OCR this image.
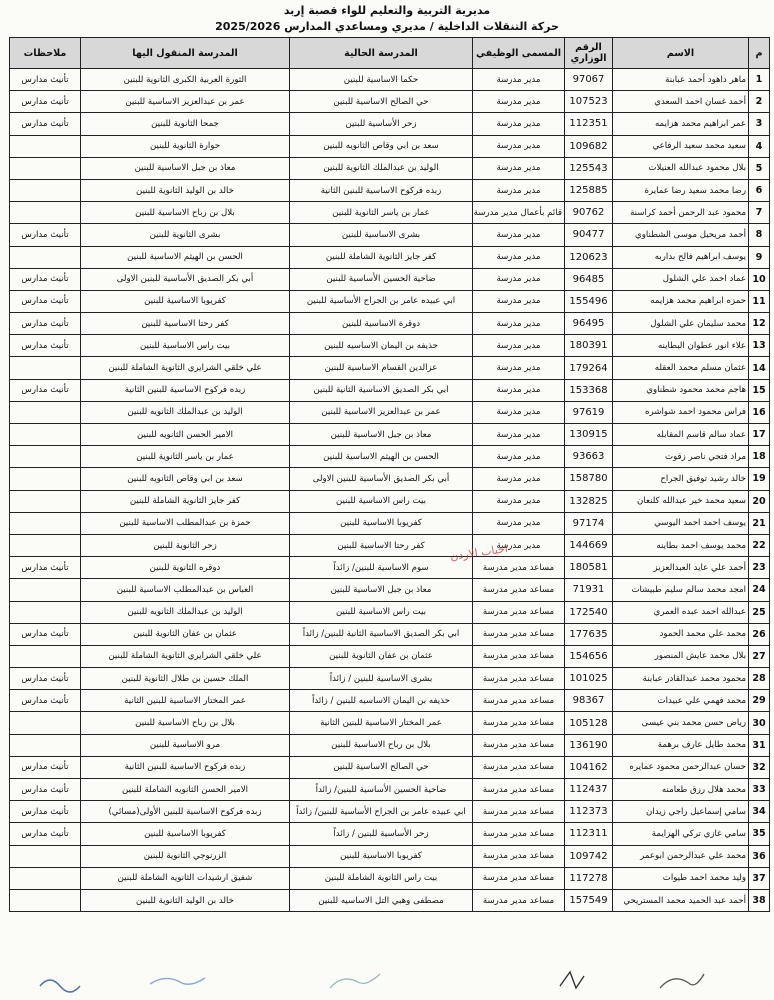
مديرية التربية والتعليم للواء قصبة إربد
حركة التنقلات الداخلية / مديري ومساعدي المدارس 2025/2026
م	الاسم	الرقم الوزاري	المسمى الوظيفي	المدرسة الحالية	المدرسة المنقول اليها	ملاحظات
1	ماهر داهود أحمد عبابنة	97067	مدير مدرسة	حكما الاساسية للبنين	الثورة العربية الكبرى الثانوية للبنين	تأنيث مدارس
2	أحمد غسان احمد السعدي	107523	مدير مدرسة	حي الصالح الاساسية للبنين	عمر بن عبدالعزيز الاساسية للبنين	تأنيث مدارس
3	عمر ابراهيم محمد هزايمه	112351	مدير مدرسة	زحر الأساسية للبنين	جمحا الثانوية للبنين	تأنيث مدارس
4	سعيد محمد سعيد الرفاعي	109682	مدير مدرسة	سعد بن ابي وقاص الثانويه للبنين	حوارة الثانوية للبنين	
5	بلال محمود عبدالله العنيلات	125543	مدير مدرسة	الوليد بن عبدالملك الثانوية للبنين	معاذ بن جبل الاساسية للبنين	
6	رضا محمد سعيد رضا عمايرة	125885	مدير مدرسة	زبده فركوح الاساسية للبنين الثانية	خالد بن الوليد الثانوية للبنين	
7	محمود عبد الرحمن أحمد كراسنة	90762	قائم بأعمال مدير مدرسة	عمار بن ياسر الثانوية للبنين	بلال بن رباح الاساسية للبنين	
8	أحمد مريحيل موسى الشطناوي	90477	مدير مدرسة	بشرى الاساسية للبنين	بشرى الثانوية للبنين	تأنيث مدارس
9	يوسف ابراهيم فالح بداربه	120623	مدير مدرسة	كفر جايز الثانوية الشاملة للبنين	الحسن بن الهيثم الاساسية للبنين	
10	عماد احمد علي الشلول	96485	مدير مدرسة	ضاحية الحسين الأساسية للبنين	أبي بكر الصديق الأساسية للبنين الاولى	تأنيث مدارس
11	حمزه ابراهيم محمد هزايمه	155496	مدير مدرسة	ابي عبيده عامر بن الجراح الأساسية للبنين	كفريوبا الاساسية للبنين	تأنيث مدارس
12	محمد سليمان علي الشلول	96495	مدير مدرسة	دوقرة الاساسية للبنين	كفر رحتا الاساسية للبنين	تأنيث مدارس
13	علاء انور عطوان البطاينه	180391	مدير مدرسة	حذيفه بن اليمان الاساسيه للبنين	بيت راس الاساسية للبنين	تأنيث مدارس
14	عثمان مسلم محمد العقله	179264	مدير مدرسة	عزالدين القسام الاساسية للبنين	علي خلقي الشرايري الثانوية الشاملة للبنين	
15	هاجم محمد محمود شطناوي	153368	مدير مدرسة	ابي بكر الصديق الاساسية الثانية للبنين	زبده فركوح الاساسية للبنين الثانية	تأنيث مدارس
16	فراس محمود احمد شواشره	97619	مدير مدرسة	عمر بن عبدالعزيز الاساسية للبنين	الوليد بن عبدالملك الثانويه للبنين	
17	عماد سالم قاسم المقابله	130915	مدير مدرسة	معاذ بن جبل الاساسية للبنين	الامير الحسن الثانويه للبنين	
18	مراد فتحي ناصر زقوت	93663	مدير مدرسة	الحسن بن الهيثم الاساسية للبنين	عمار بن ياسر الثانوية للبنين	
19	خالد رشيد توفيق الجراح	158780	مدير مدرسة	أبي بكر الصديق الأساسية للبنين الاولى	سعد بن ابي وقاص الثانويه للبنين	
20	سعيد محمد خير عبدالله كلنعان	132825	مدير مدرسة	بيت راس الاساسية للبنين	كفر جايز الثانوية الشاملة للبنين	
21	يوسف احمد احمد اليوسي	97174	مدير مدرسة	كفريوبا الاساسية للبنين	حمزة بن عبدالمطلب الاساسية للبنين	
22	محمد يوسف احمد بطاينه	144669	مدير مدرسة	كفر رحتا الاساسية للبنين	زحر الثانوية للبنين	
23	أحمد علي عايد العبدالعزيز	180581	مساعد مدير مدرسة	سوم الاساسية للبنين/ زائداً	دوقره الثانوية للبنين	تأنيث مدارس
24	امجد محمد سالم سليم طبيشات	71931	مساعد مدير مدرسة	معاذ بن جبل الاساسية للبنين	العباس بن عبدالمطلب الاساسية للبنين	
25	عبدالله احمد عبده العمري	172540	مساعد مدير مدرسة	بيت راس الاساسية للبنين	الوليد بن عبدالملك الثانويه للبنين	
26	محمد علي محمد الحمود	177635	مساعد مدير مدرسة	ابي بكر الصديق الاساسية الثانية للبنين/ زائداً	عثمان بن عفان الثانوية للبنين	تأنيث مدارس
27	بلال محمد عايش المنصور	154656	مساعد مدير مدرسة	عثمان بن عفان الثانوية للبنين	علي خلقي الشرايري الثانوية الشاملة للبنين	
28	محمود محمد عبدالقادر عبابنة	101025	مساعد مدير مدرسة	بشرى الاساسية للبنين / زائداً	الملك حسين بن طلال الثانوية للبنين	تأنيث مدارس
29	محمد فهمي علي عبيدات	98367	مساعد مدير مدرسة	حذيفه بن اليمان الاساسيه للبنين / زائداً	عمر المختار الاساسية للبنين الثانية	تأنيث مدارس
30	رياض حسن محمد بني عيسى	105128	مساعد مدير مدرسة	عمر المختار الاساسية للبنين الثانية	بلال بن رباح الاساسية للبنين	
31	محمد طايل عارف برهمة	136190	مساعد مدير مدرسة	بلال بن رباح الاساسية للبنين	مرو الاساسية للبنين	
32	حسان عبدالرحمن محمود عمايره	104162	مساعد مدير مدرسة	حي الصالح الاساسية للبنين	زبده فركوح الاساسية للبنين الثانية	تأنيث مدارس
33	محمد هلال رزق طعامنه	112437	مساعد مدير مدرسة	ضاحية الحسين الأساسية للبنين/ زائداً	الامير الحسن الثانويه الشاملة للبنين	تأنيث مدارس
34	سامي إسماعيل راجي زيدان	112373	مساعد مدير مدرسة	ابي عبيده عامر بن الجراح الأساسية للبنين/ زائداً	زبده فركوح الاساسية للبنين الأولى(مسائي)	تأنيث مدارس
35	سامي غازي تركي الهزايمة	112311	مساعد مدير مدرسة	زحر الأساسية للبنين / زائداً	كفريوبا الاساسية للبنين	تأنيث مدارس
36	محمد علي عبدالرحمن ابوعمر	109742	مساعد مدير مدرسة	كفريوبا الاساسية للبنين	الزرنوجي الثانوية للبنين	
37	وليد محمد احمد طيوات	117278	مساعد مدير مدرسة	بيت راس الثانوية الشاملة للبنين	شفيق ارشيدات الثانويه الشاملة للبنين	
38	أحمد عبد الحميد محمد المستريحي	157549	مساعد مدير مدرسة	مصطفى وهبي التل الاساسيه للبنين	خالد بن الوليد الثانوية للبنين	
احباب الاردن
